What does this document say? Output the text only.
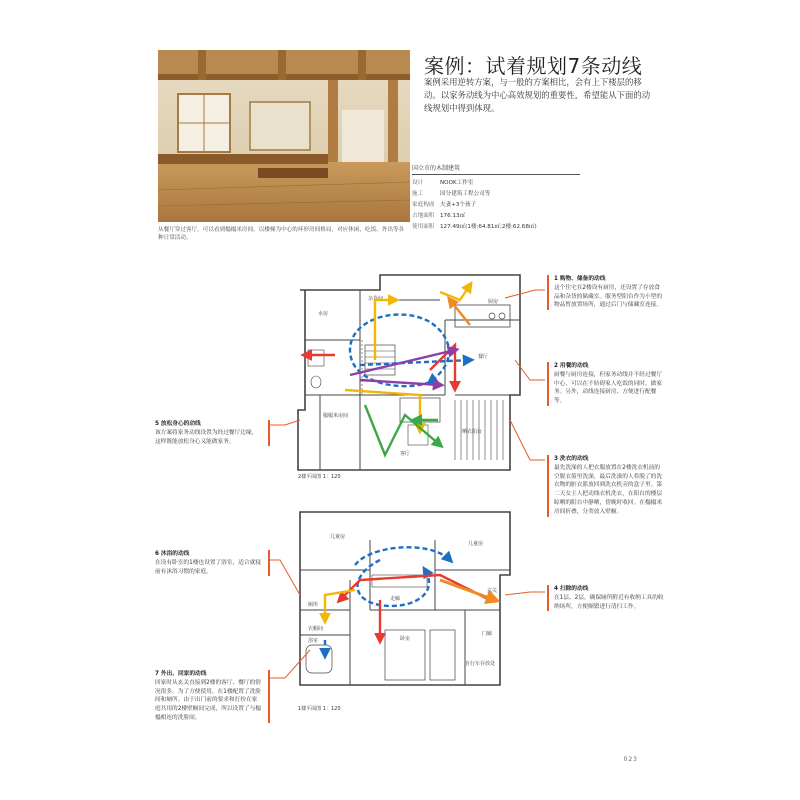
从餐厅穿过客厅，可以看到榻榻米房间。以楼梯为中心的环形房间格局，对应休闲、吃饭、外出等各种日常活动。
案例：试着规划7条动线
案例采用逆转方案，与一般的方案相比，会有上下楼层的移动。以家务动线为中心高效规划的重要性，希望能从下面的动线规划中得到体现。
国立市的木制建筑
设计	NOOK工作室
施工	国分建筑工程公司等
家庭构成	夫妻+3个孩子
占地面积	176.13㎡
使用面积	127.49㎡(1楼:64.81㎡;2楼:62.68㎡)
水房
杂货间	厨房
餐厅
榻榻米房间
客厅
晒衣阳台
2楼平面图 1：120
儿童房
儿童房
走廊
玄关
卧室
浴室
自行车存放处
门廊
厕所
衣帽间
1楼平面图 1：120
1 购物、储备的动线
这个住宅在2楼设有厨房，还设置了存放食品和杂货的储藏室。服务型阳台作为小型的物品暂放置场所，通过后门与储藏室连接。
2 用餐的动线
厨餐与厨房连接，但家务动线并不经过餐厅中心，可以在不妨碍家人吃饭的同时，做家务。另外，动线连接厨房，方便进行配餐等。
3 洗衣的动线
最先洗澡的人把衣服放置在2楼洗衣机前的空脱衣篮里洗澡，最后洗澡的人将脱了的洗衣物的脏衣篮放回到洗衣机旁的盒子里。第二天女主人把动线衣机洗衣，在阳台的楼层晾晒的阳台中静晒，傍晚时收回。在榻榻米房间折叠，分类放入壁橱。
4 扫除的动线
在1层、2层，确保厕所附近有收纳工具的收纳场所，方便顺繁进行清扫工作。
5 放松身心的动线
该方案将家务动线设置为经过餐厅边缘，这样既能放松身心又能做家务。
6 沐浴的动线
在设有卧室的1楼也设置了浴室，适合就寝前有沐浴习惯的家庭。
7 外出、回家的动线
回家时从玄关直接到2楼的客厅、餐厅的情况很多。为了方便使用，在1楼配置了洗脸间和厕所。由于出门前的要求和打扮在家庭共用的2楼壁橱间完成，所以设置了与榻榻相连的洗脸间。
023
